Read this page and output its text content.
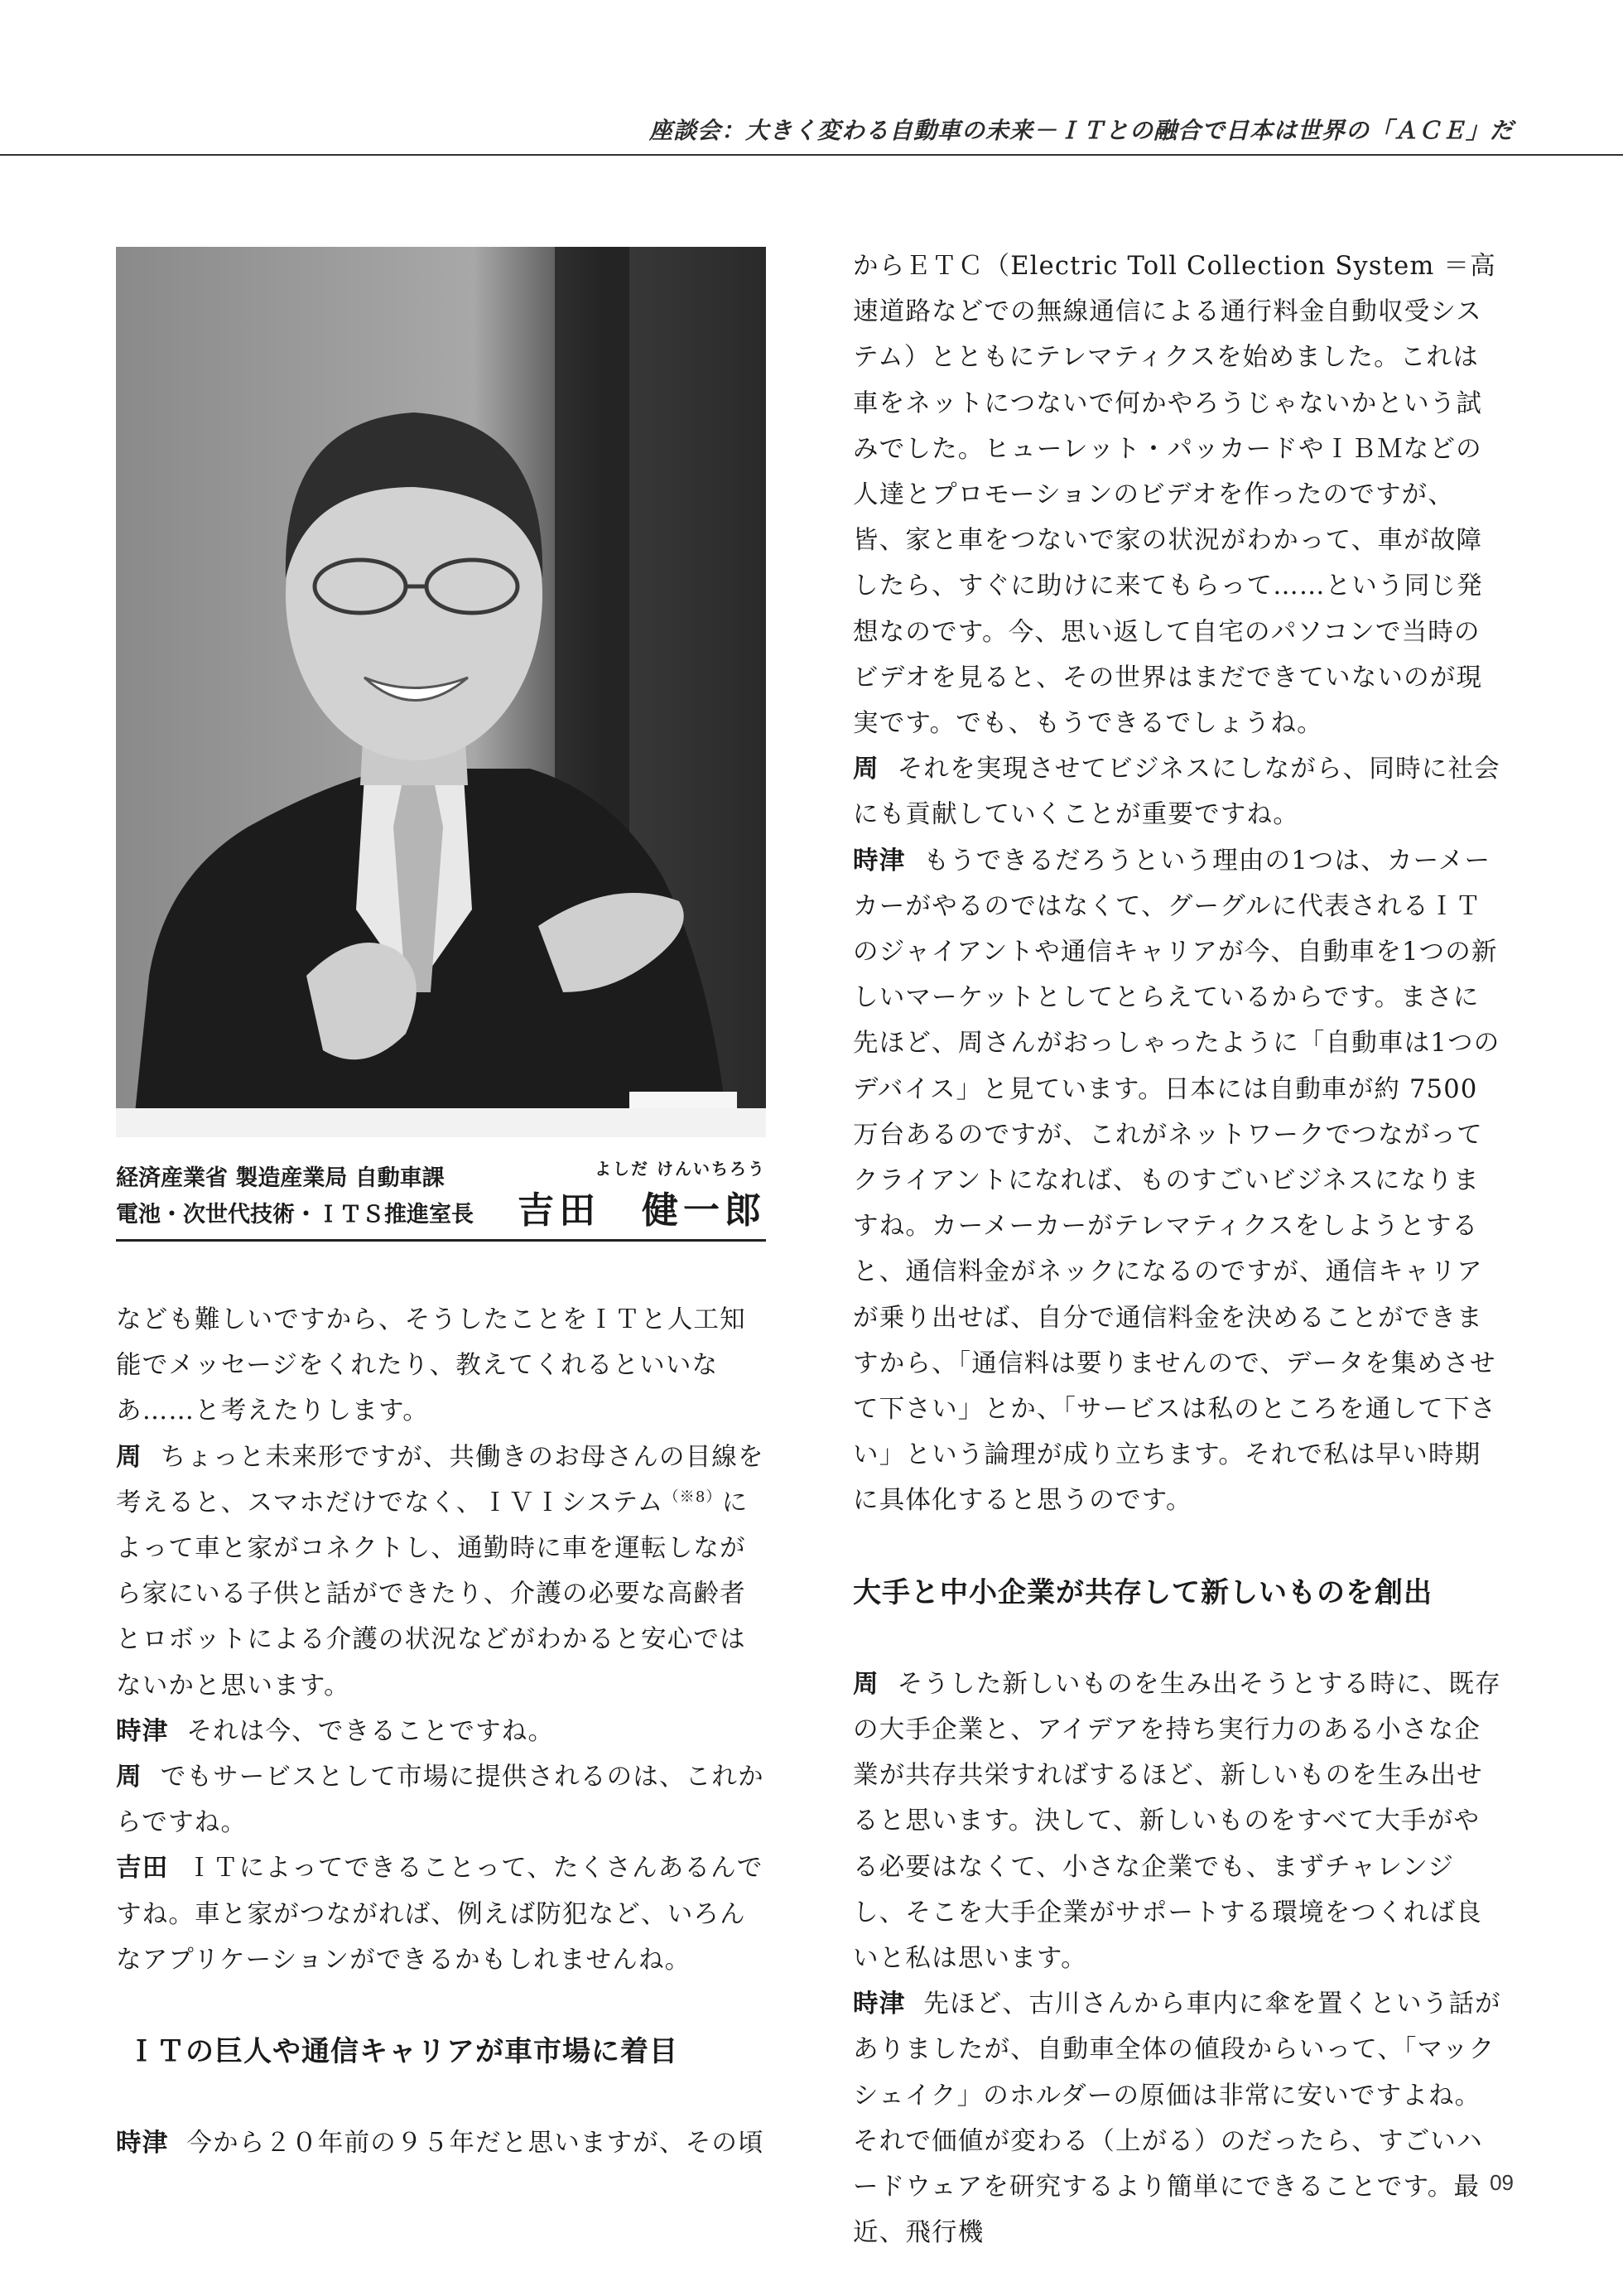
座談会：大きく変わる自動車の未来－ＩＴとの融合で日本は世界の「ＡＣＥ」だ
経済産業省 製造産業局 自動車課
電池・次世代技術・ＩＴＳ推進室長
よしだ けんいちろう
吉田　健一郎

なども難しいですから、そうしたことをＩＴと人工知能でメッセージをくれたり、教えてくれるといいなあ……と考えたりします。

周 ちょっと未来形ですが、共働きのお母さんの目線を考えると、スマホだけでなく、ＩＶＩシステム$^{(※8)}$によって車と家がコネクトし、通勤時に車を運転しながら家にいる子供と話ができたり、介護の必要な高齢者とロボットによる介護の状況などがわかると安心ではないかと思います。

時津 それは今、できることですね。

周 でもサービスとして市場に提供されるのは、これからですね。

吉田 ＩＴによってできることって、たくさんあるんですね。車と家がつながれば、例えば防犯など、いろんなアプリケーションができるかもしれませんね。

ＩＴの巨人や通信キャリアが車市場に着目

時津 今から２０年前の９５年だと思いますが、その頃

からＥＴＣ（Electric Toll Collection System ＝高速道路などでの無線通信による通行料金自動収受システム）とともにテレマティクスを始めました。これは車をネットにつないで何かやろうじゃないかという試みでした。ヒューレット・パッカードやＩＢＭなどの人達とプロモーションのビデオを作ったのですが、皆、家と車をつないで家の状況がわかって、車が故障したら、すぐに助けに来てもらって……という同じ発想なのです。今、思い返して自宅のパソコンで当時のビデオを見ると、その世界はまだできていないのが現実です。でも、もうできるでしょうね。

周 それを実現させてビジネスにしながら、同時に社会にも貢献していくことが重要ですね。

時津 もうできるだろうという理由の1つは、カーメーカーがやるのではなくて、グーグルに代表されるＩＴのジャイアントや通信キャリアが今、自動車を1つの新しいマーケットとしてとらえているからです。まさに先ほど、周さんがおっしゃったように「自動車は1つのデバイス」と見ています。日本には自動車が約 7500万台あるのですが、これがネットワークでつながってクライアントになれば、ものすごいビジネスになりますね。カーメーカーがテレマティクスをしようとすると、通信料金がネックになるのですが、通信キャリアが乗り出せば、自分で通信料金を決めることができますから、「通信料は要りませんので、データを集めさせて下さい」とか、「サービスは私のところを通して下さい」という論理が成り立ちます。それで私は早い時期に具体化すると思うのです。

大手と中小企業が共存して新しいものを創出

周 そうした新しいものを生み出そうとする時に、既存の大手企業と、アイデアを持ち実行力のある小さな企業が共存共栄すればするほど、新しいものを生み出せると思います。決して、新しいものをすべて大手がやる必要はなくて、小さな企業でも、まずチャレンジし、そこを大手企業がサポートする環境をつくれば良いと私は思います。

時津 先ほど、古川さんから車内に傘を置くという話がありましたが、自動車全体の値段からいって、「マックシェイク」のホルダーの原価は非常に安いですよね。それで価値が変わる（上がる）のだったら、すごいハードウェアを研究するより簡単にできることです。最近、飛行機

09
